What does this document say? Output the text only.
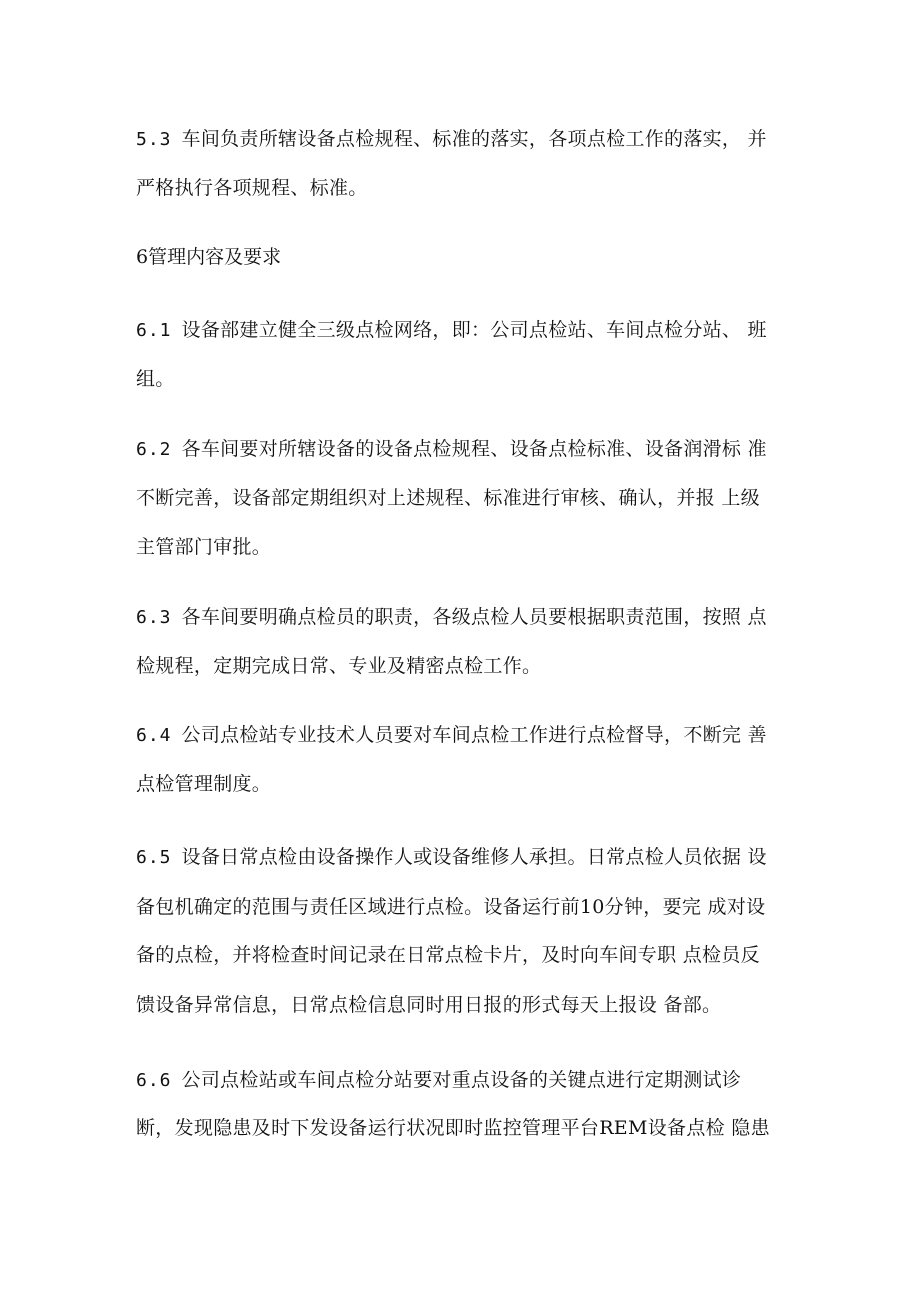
5.3 车间负责所辖设备点检规程、标准的落实，各项点检工作的落实， 并
严格执行各项规程、标准。
6管理内容及要求
6.1 设备部建立健全三级点检网络，即：公司点检站、车间点检分站、 班
组。
6.2 各车间要对所辖设备的设备点检规程、设备点检标准、设备润滑标 准
不断完善，设备部定期组织对上述规程、标准进行审核、确认，并报 上级
主管部门审批。
6.3 各车间要明确点检员的职责，各级点检人员要根据职责范围，按照 点
检规程，定期完成日常、专业及精密点检工作。
6.4 公司点检站专业技术人员要对车间点检工作进行点检督导，不断完 善
点检管理制度。
6.5 设备日常点检由设备操作人或设备维修人承担。日常点检人员依据 设
备包机确定的范围与责任区域进行点检。设备运行前10分钟，要完 成对设
备的点检，并将检查时间记录在日常点检卡片，及时向车间专职 点检员反
馈设备异常信息，日常点检信息同时用日报的形式每天上报设 备部。
6.6 公司点检站或车间点检分站要对重点设备的关键点进行定期测试诊
断，发现隐患及时下发设备运行状况即时监控管理平台REM设备点检 隐患
